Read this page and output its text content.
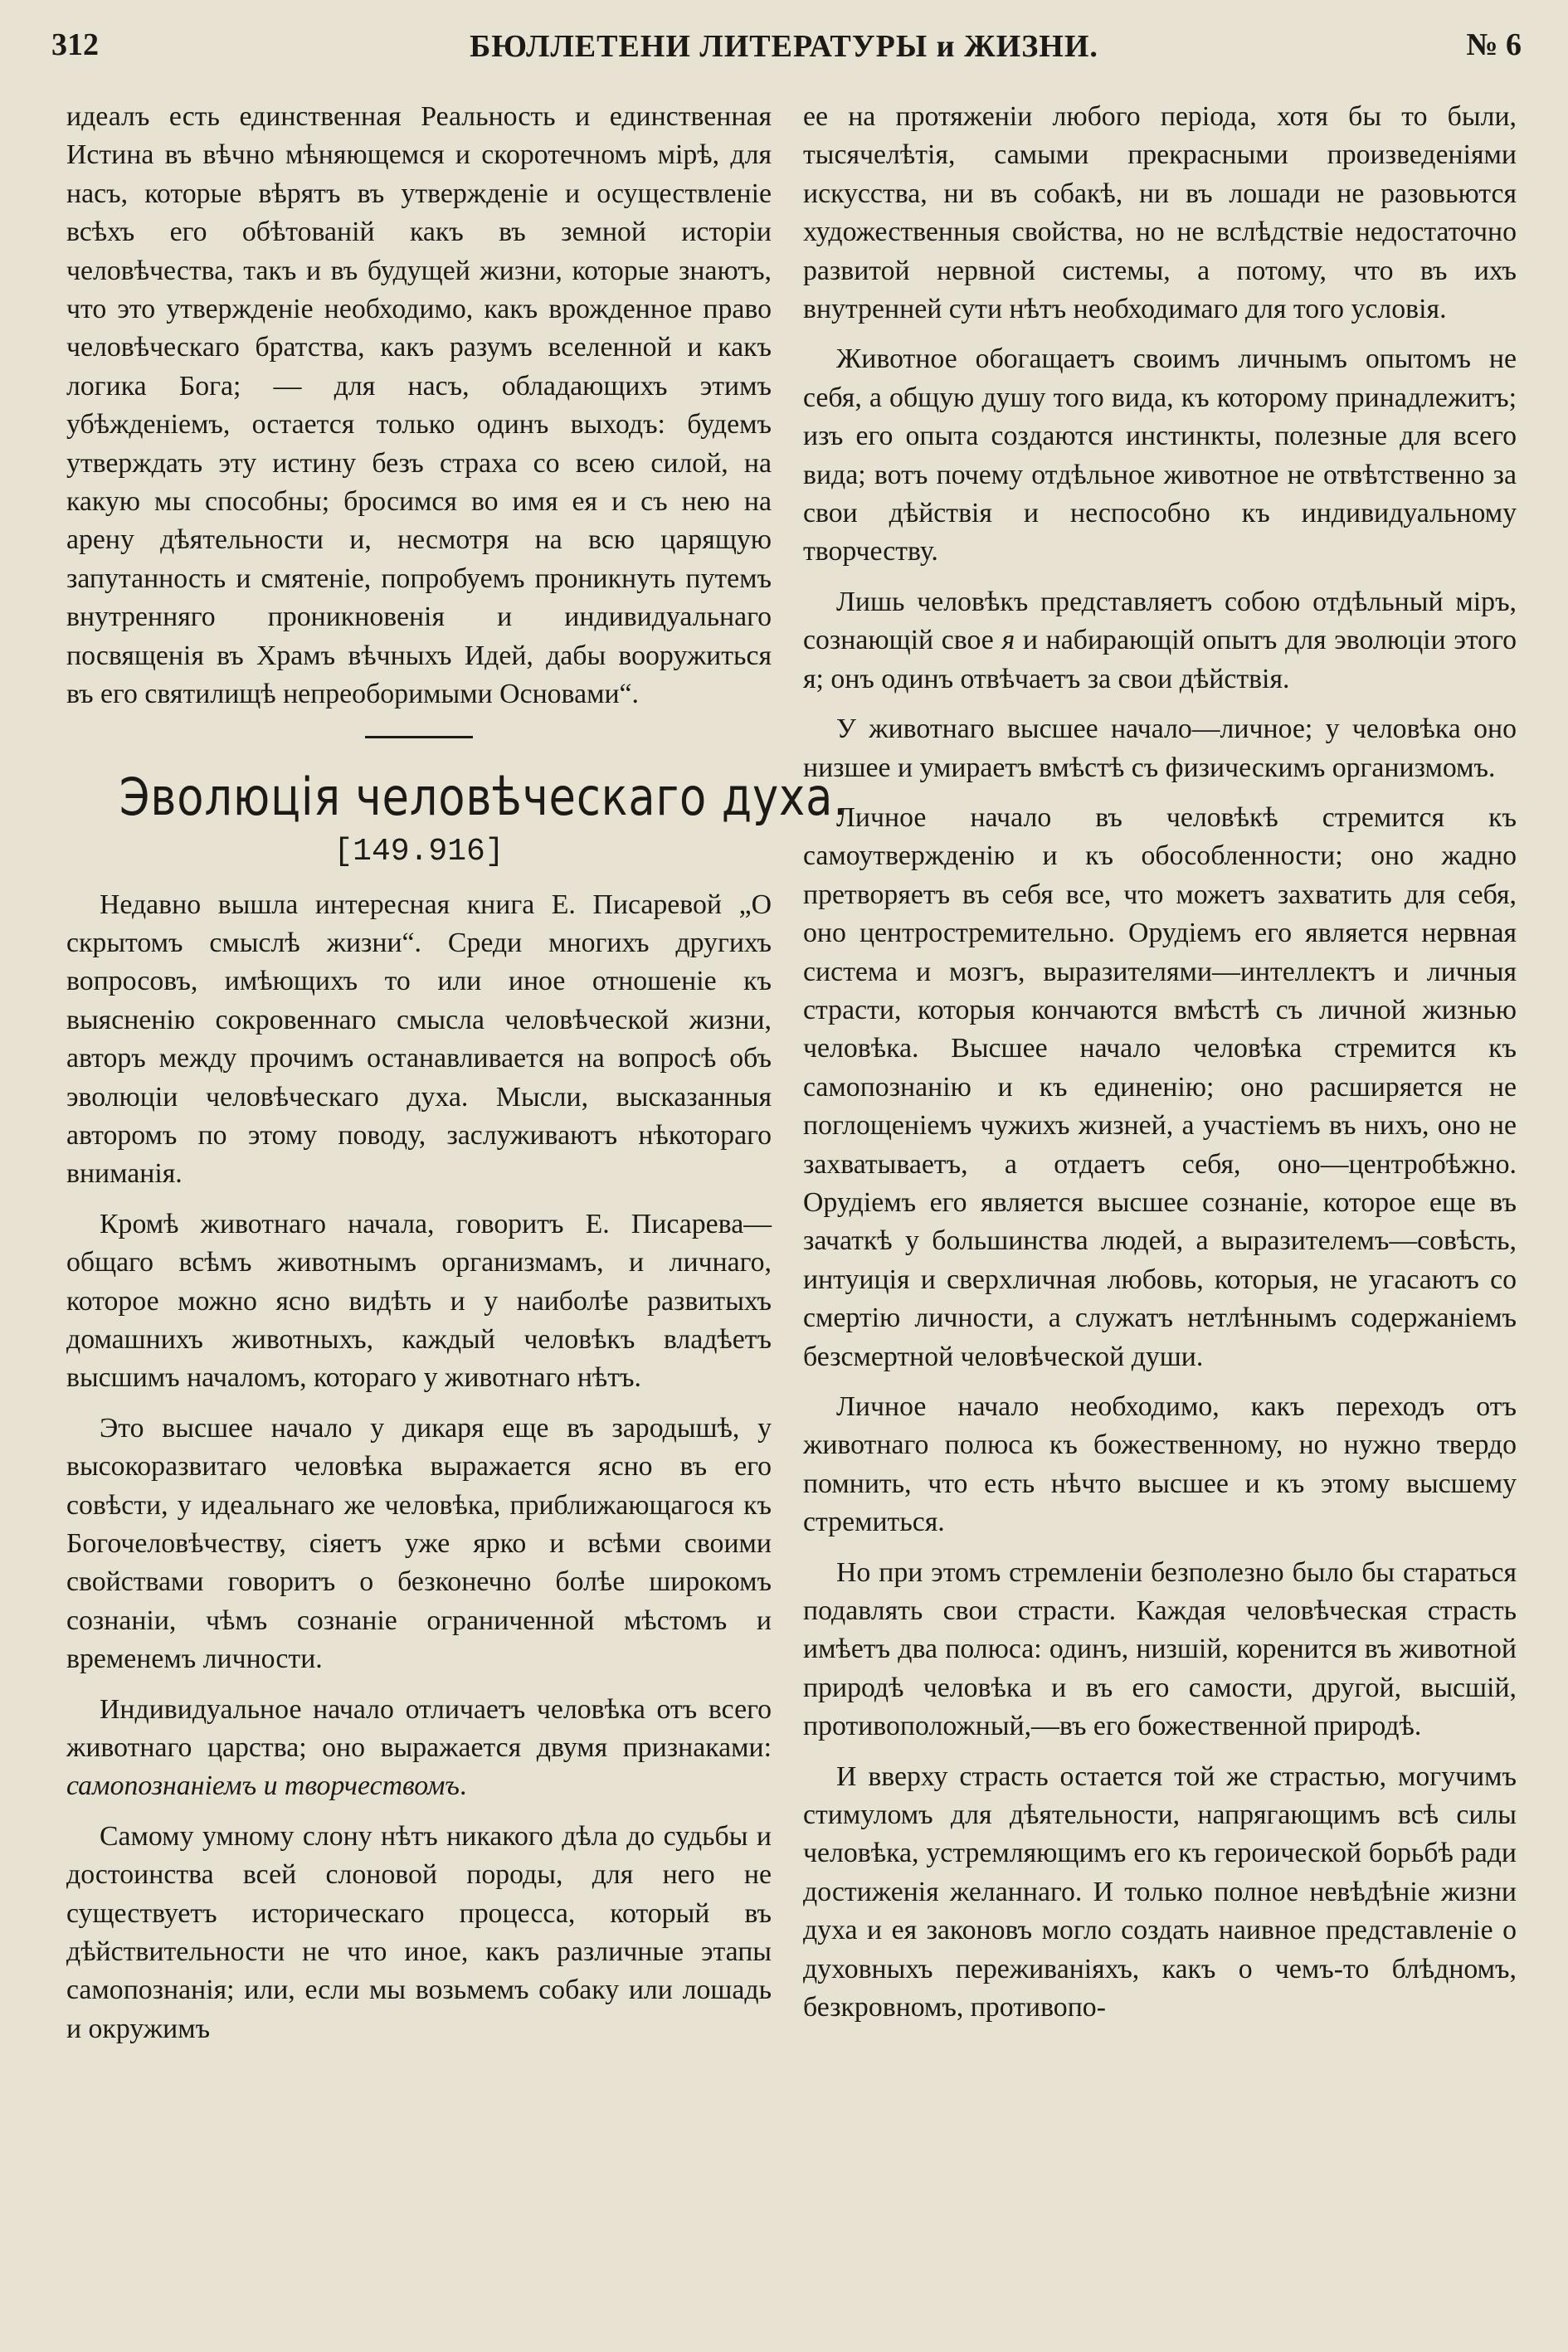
312	БЮЛЛЕТЕНИ ЛИТЕРАТУРЫ и ЖИЗНИ.	№ 6

идеалъ есть единственная Реальность и единственная Истина въ вѣчно мѣняющемся и скоротечномъ мірѣ, для насъ, которые вѣрятъ въ утвержденіе и осуществленіе всѣхъ его обѣтованій какъ въ земной исторіи человѣчества, такъ и въ будущей жизни, которые знаютъ, что это утвержденіе необходимо, какъ врожденное право человѣческаго братства, какъ разумъ вселенной и какъ логика Бога; — для насъ, обладающихъ этимъ убѣжденіемъ, остается только одинъ выходъ: будемъ утверждать эту истину безъ страха со всею силой, на какую мы способны; бросимся во имя ея и съ нею на арену дѣятельности и, несмотря на всю царящую запутанность и смятеніе, попробуемъ проникнуть путемъ внутренняго проникновенія и индивидуальнаго посвященія въ Храмъ вѣчныхъ Идей, дабы вооружиться въ его святилищѣ непреоборимыми Основами“.

Эволюція человѣческаго духа.
[149.916]

Недавно вышла интересная книга Е. Писаревой „О скрытомъ смыслѣ жизни“. Среди многихъ другихъ вопросовъ, имѣющихъ то или иное отношеніе къ выясненію сокровеннаго смысла человѣческой жизни, авторъ между прочимъ останавливается на вопросѣ объ эволюціи человѣческаго духа. Мысли, высказанныя авторомъ по этому поводу, заслуживаютъ нѣкотораго вниманія.

Кромѣ животнаго начала, говоритъ Е. Писарева—общаго всѣмъ животнымъ организмамъ, и личнаго, которое можно ясно видѣть и у наиболѣе развитыхъ домашнихъ животныхъ, каждый человѣкъ владѣетъ высшимъ началомъ, котораго у животнаго нѣтъ.

Это высшее начало у дикаря еще въ зародышѣ, у высокоразвитаго человѣка выражается ясно въ его совѣсти, у идеальнаго же человѣка, приближающагося къ Богочеловѣчеству, сіяетъ уже ярко и всѣми своими свойствами говоритъ о безконечно болѣе широкомъ сознаніи, чѣмъ сознаніе ограниченной мѣстомъ и временемъ личности.

Индивидуальное начало отличаетъ человѣка отъ всего животнаго царства; оно выражается двумя признаками: самопознаніемъ и творчествомъ.

Самому умному слону нѣтъ никакого дѣла до судьбы и достоинства всей слоновой породы, для него не существуетъ историческаго процесса, который въ дѣйствительности не что иное, какъ различные этапы самопознанія; или, если мы возьмемъ собаку или лошадь и окружимъ

ее на протяженіи любого періода, хотя бы то были, тысячелѣтія, самыми прекрасными произведеніями искусства, ни въ собакѣ, ни въ лошади не разовьются художественныя свойства, но не вслѣдствіе недостаточно развитой нервной системы, а потому, что въ ихъ внутренней сути нѣтъ необходимаго для того условія.

Животное обогащаетъ своимъ личнымъ опытомъ не себя, а общую душу того вида, къ которому принадлежитъ; изъ его опыта создаются инстинкты, полезные для всего вида; вотъ почему отдѣльное животное не отвѣтственно за свои дѣйствія и неспособно къ индивидуальному творчеству.

Лишь человѣкъ представляетъ собою отдѣльный міръ, сознающій свое я и набирающій опытъ для эволюціи этого я; онъ одинъ отвѣчаетъ за свои дѣйствія.

У животнаго высшее начало—личное; у человѣка оно низшее и умираетъ вмѣстѣ съ физическимъ организмомъ.

Личное начало въ человѣкѣ стремится къ самоутвержденію и къ обособленности; оно жадно претворяетъ въ себя все, что можетъ захватить для себя, оно центростремительно. Орудіемъ его является нервная система и мозгъ, выразителями—интеллектъ и личныя страсти, которыя кончаются вмѣстѣ съ личной жизнью человѣка. Высшее начало человѣка стремится къ самопознанію и къ единенію; оно расширяется не поглощеніемъ чужихъ жизней, а участіемъ въ нихъ, оно не захватываетъ, а отдаетъ себя, оно—центробѣжно. Орудіемъ его является высшее сознаніе, которое еще въ зачаткѣ у большинства людей, а выразителемъ—совѣсть, интуиція и сверхличная любовь, которыя, не угасаютъ со смертію личности, а служатъ нетлѣннымъ содержаніемъ безсмертной человѣческой души.

Личное начало необходимо, какъ переходъ отъ животнаго полюса къ божественному, но нужно твердо помнить, что есть нѣчто высшее и къ этому высшему стремиться.

Но при этомъ стремленіи безполезно было бы стараться подавлять свои страсти. Каждая человѣческая страсть имѣетъ два полюса: одинъ, низшій, коренится въ животной природѣ человѣка и въ его самости, другой, высшій, противоположный,—въ его божественной природѣ.

И вверху страсть остается той же страстью, могучимъ стимуломъ для дѣятельности, напрягающимъ всѣ силы человѣка, устремляющимъ его къ героической борьбѣ ради достиженія желаннаго. И только полное невѣдѣніе жизни духа и ея законовъ могло создать наивное представленіе о духовныхъ переживаніяхъ, какъ о чемъ-то блѣдномъ, безкровномъ, противопо-
